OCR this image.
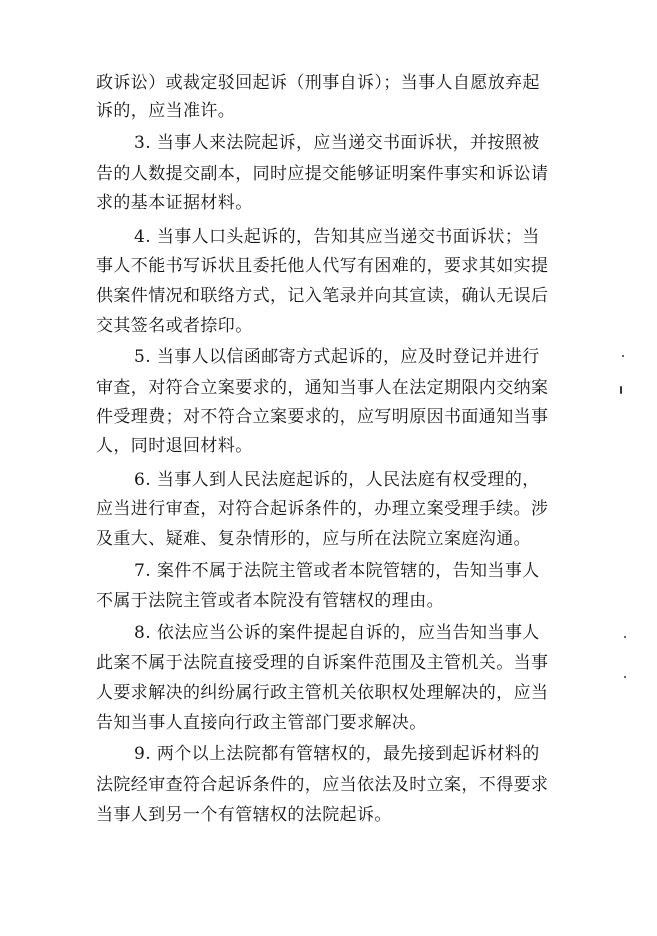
政诉讼）或裁定驳回起诉（刑事自诉）；当事人自愿放弃起
诉的，应当准许。
3. 当事人来法院起诉，应当递交书面诉状，并按照被
告的人数提交副本，同时应提交能够证明案件事实和诉讼请
求的基本证据材料。
4. 当事人口头起诉的，告知其应当递交书面诉状；当
事人不能书写诉状且委托他人代写有困难的，要求其如实提
供案件情况和联络方式，记入笔录并向其宣读，确认无误后
交其签名或者捺印。
5. 当事人以信函邮寄方式起诉的，应及时登记并进行
审查，对符合立案要求的，通知当事人在法定期限内交纳案
件受理费；对不符合立案要求的，应写明原因书面通知当事
人，同时退回材料。
6. 当事人到人民法庭起诉的，人民法庭有权受理的，
应当进行审查，对符合起诉条件的，办理立案受理手续。涉
及重大、疑难、复杂情形的，应与所在法院立案庭沟通。
7. 案件不属于法院主管或者本院管辖的，告知当事人
不属于法院主管或者本院没有管辖权的理由。
8. 依法应当公诉的案件提起自诉的，应当告知当事人
此案不属于法院直接受理的自诉案件范围及主管机关。当事
人要求解决的纠纷属行政主管机关依职权处理解决的，应当
告知当事人直接向行政主管部门要求解决。
9. 两个以上法院都有管辖权的，最先接到起诉材料的
法院经审查符合起诉条件的，应当依法及时立案，不得要求
当事人到另一个有管辖权的法院起诉。
